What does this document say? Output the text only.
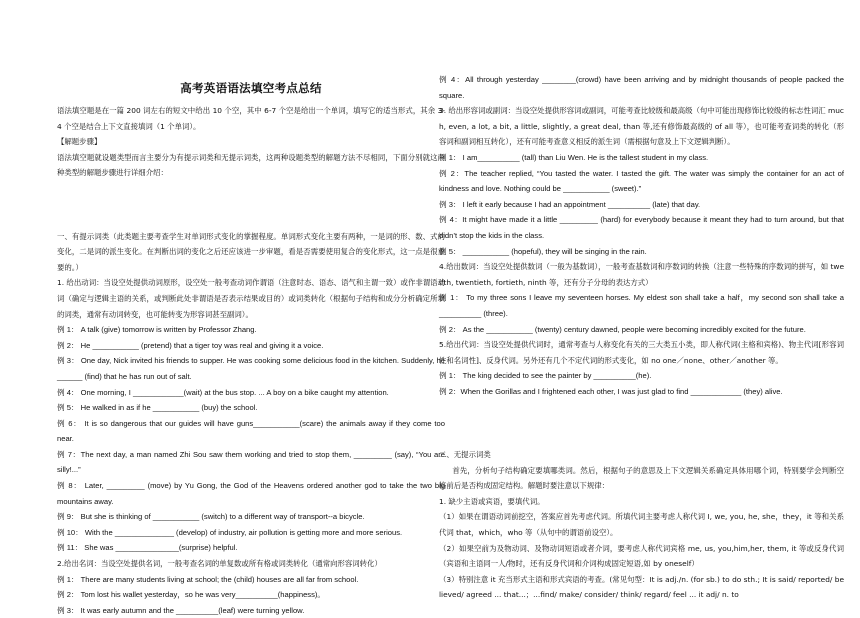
高考英语语法填空考点总结

语法填空题是在一篇 200 词左右的短文中给出 10 个空，其中 6-7 个空是给出一个单词，填写它的适当形式，其余 3-4 个空是结合上下文直接填词（1 个单词）。

【解题步骤】

语法填空题就设题类型而言主要分为有提示词类和无提示词类，这两种设题类型的解题方法不尽相同，下面分别就这两种类型的解题步骤进行详细介绍：

一、有提示词类（此类题主要考查学生对单词形式变化的掌握程度。单词形式变化主要有两种，一是词的形、数、式的变化，二是词的派生变化。在判断出词的变化之后还应该进一步审题，看是否需要使用复合的变化形式，这一点是很重要的。）

1. 给出动词：当设空处提供动词原形，设空处一般考查动词作谓语（注意时态、语态、语气和主谓一致）或作非谓语动词（确定与逻辑主语的关系，或判断此处非谓语是否表示结果或目的）或词类转化（根据句子结构和成分分析确定所填的词类，通常有动词转变，也可能转变为形容词甚至副词）。

例 1： A talk (give) tomorrow is written by Professor Zhang.

例 2： He ___________ (pretend) that a tiger toy was real and giving it a voice.

例 3： One day, Nick invited his friends to supper. He was cooking some delicious food in the kitchen. Suddenly, he ______ (find) that he has run out of salt.

例 4： One morning, I ____________(wait) at the bus stop. ... A boy on a bike caught my attention.

例 5： He walked in as if he ___________ (buy) the school.

例 6： It is so dangerous that our guides will have guns___________(scare) the animals away if they come too near.

例 7：The next day, a man named Zhi Sou saw them working and tried to stop them, _________ (say), “You are silly!...”

例 8： Later, _________ (move) by Yu Gong, the God of the Heavens ordered another god to take the two big mountains away.

例 9： But she is thinking of ___________ (switch) to a different way of transport--a bicycle.

例 10： With the ______________ (develop) of industry, air pollution is getting more and more serious.

例 11： She was _______________(surprise) helpful.

2.给出名词：当设空处提供名词，一般考查名词的单复数或所有格或词类转化（通常向形容词转化）

例 1： There are many students living at school; the (child) houses are all far from school.

例 2： Tom lost his wallet yesterday，so he was very__________(happiness)。

例 3： It was early autumn and the __________(leaf) were turning yellow.

例 4：All through yesterday ________(crowd) have been arriving and by midnight thousands of people packed the square.

3. 给出形容词或副词：当设空处提供形容词或副词，可能考查比较级和最高级（句中可能出现修饰比较级的标志性词汇 much, even, a lot, a bit, a little, slightly, a great deal, than 等,还有修饰最高级的 of all 等），也可能考查词类的转化（形容词和副词相互转化），还有可能考查意义相反的派生词（需根据句意及上下文逻辑判断）。

例 1： I am__________ (tall) than Liu Wen. He is the tallest student in my class.

例 2：The teacher replied, “You tasted the water. I tasted the gift. The water was simply the container for an act of kindness and love. Nothing could be ___________ (sweet).”

例 3： I left it early because I had an appointment __________ (late) that day.

例 4：It might have made it a little _________ (hard) for everybody because it meant they had to turn around, but that didn’t stop the kids in the class.

例 5： ___________ (hopeful), they will be singing in the rain.

4.给出数词：当设空处提供数词（一般为基数词），一般考查基数词和序数词的转换（注意一些特殊的序数词的拼写，如 twelfth, twentieth, fortieth, ninth 等，还有分子分母的表达方式）

例 1： To my three sons I leave my seventeen horses. My eldest son shall take a half，my second son shall take a __________ (three).

例 2： As the ___________ (twenty) century dawned, people were becoming incredibly excited for the future.

5.给出代词：当设空处提供代词时，通常考查与人称变化有关的三大类五小类，即人称代词(主格和宾格)、物主代词[形容词性和名词性]、反身代词。另外还有几个不定代词的形式变化，如 no one／none、other／another 等。

例 1： The king decided to see the painter by __________(he).

例 2：When the Gorillas and I frightened each other, I was just glad to find ____________ (they) alive.

二、无提示词类

首先，分析句子结构确定要填哪类词。然后，根据句子的意思及上下文逻辑关系确定具体用哪个词，特别要学会判断空格前后是否构成固定结构。解题时要注意以下规律：

1. 缺少主语或宾语，要填代词。

（1）如果在谓语动词前挖空，答案应首先考虑代词。所填代词主要考虑人称代词 I, we, you, he, she，they，it 等和关系代词 that，which，who 等（从句中的谓语前设空）。

（2）如果空前为及物动词、及物动词短语或者介词，要考虑人称代词宾格 me, us, you,him,her, them, it 等或反身代词（宾语和主语同一人/物时，还有反身代词和介词构成固定短语,如 by oneself）

（3）特别注意 it 充当形式主语和形式宾语的考查。(常见句型：It is adj./n. (for sb.) to do sth.; It is said/ reported/ believed/ agreed ... that...；...find/ make/ consider/ think/ regard/ feel ... it adj/ n. to
